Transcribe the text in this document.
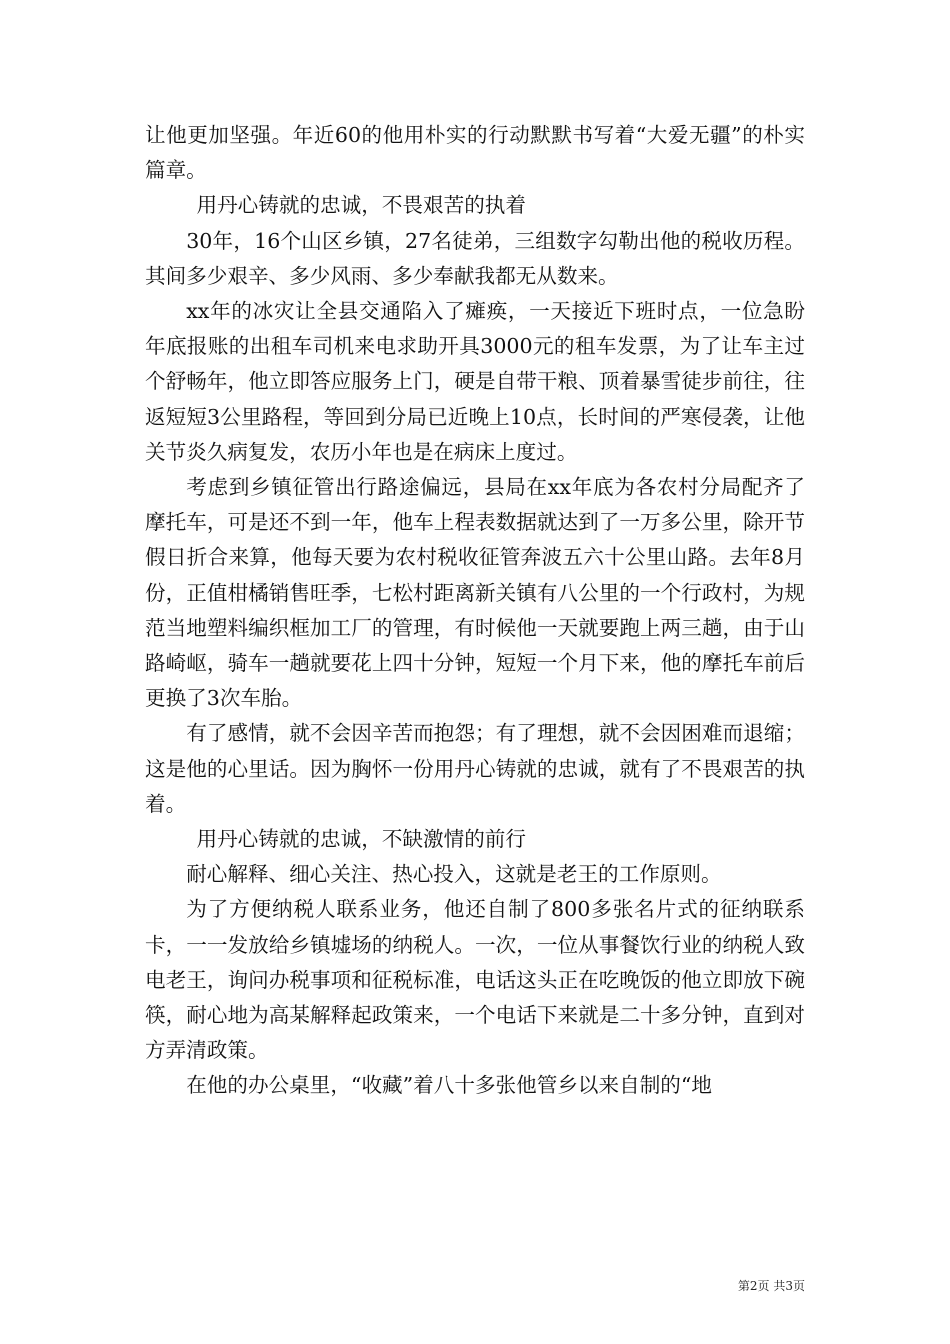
让他更加坚强。年近60的他用朴实的行动默默书写着“大爱无疆”的朴实篇章。

用丹心铸就的忠诚，不畏艰苦的执着

30年，16个山区乡镇，27名徒弟，三组数字勾勒出他的税收历程。其间多少艰辛、多少风雨、多少奉献我都无从数来。

xx年的冰灾让全县交通陷入了瘫痪，一天接近下班时点，一位急盼年底报账的出租车司机来电求助开具3000元的租车发票，为了让车主过个舒畅年，他立即答应服务上门，硬是自带干粮、顶着暴雪徒步前往，往返短短3公里路程，等回到分局已近晚上10点，长时间的严寒侵袭，让他关节炎久病复发，农历小年也是在病床上度过。

考虑到乡镇征管出行路途偏远，县局在xx年底为各农村分局配齐了摩托车，可是还不到一年，他车上程表数据就达到了一万多公里，除开节假日折合来算，他每天要为农村税收征管奔波五六十公里山路。去年8月份，正值柑橘销售旺季，七松村距离新关镇有八公里的一个行政村，为规范当地塑料编织框加工厂的管理，有时候他一天就要跑上两三趟，由于山路崎岖，骑车一趟就要花上四十分钟，短短一个月下来，他的摩托车前后更换了3次车胎。

有了感情，就不会因辛苦而抱怨；有了理想，就不会因困难而退缩；这是他的心里话。因为胸怀一份用丹心铸就的忠诚，就有了不畏艰苦的执着。

用丹心铸就的忠诚，不缺激情的前行

耐心解释、细心关注、热心投入，这就是老王的工作原则。

为了方便纳税人联系业务，他还自制了800多张名片式的征纳联系卡，一一发放给乡镇墟场的纳税人。一次，一位从事餐饮行业的纳税人致电老王，询问办税事项和征税标准，电话这头正在吃晚饭的他立即放下碗筷，耐心地为高某解释起政策来，一个电话下来就是二十多分钟，直到对方弄清政策。

在他的办公桌里，“收藏”着八十多张他管乡以来自制的“地

第2页 共3页
